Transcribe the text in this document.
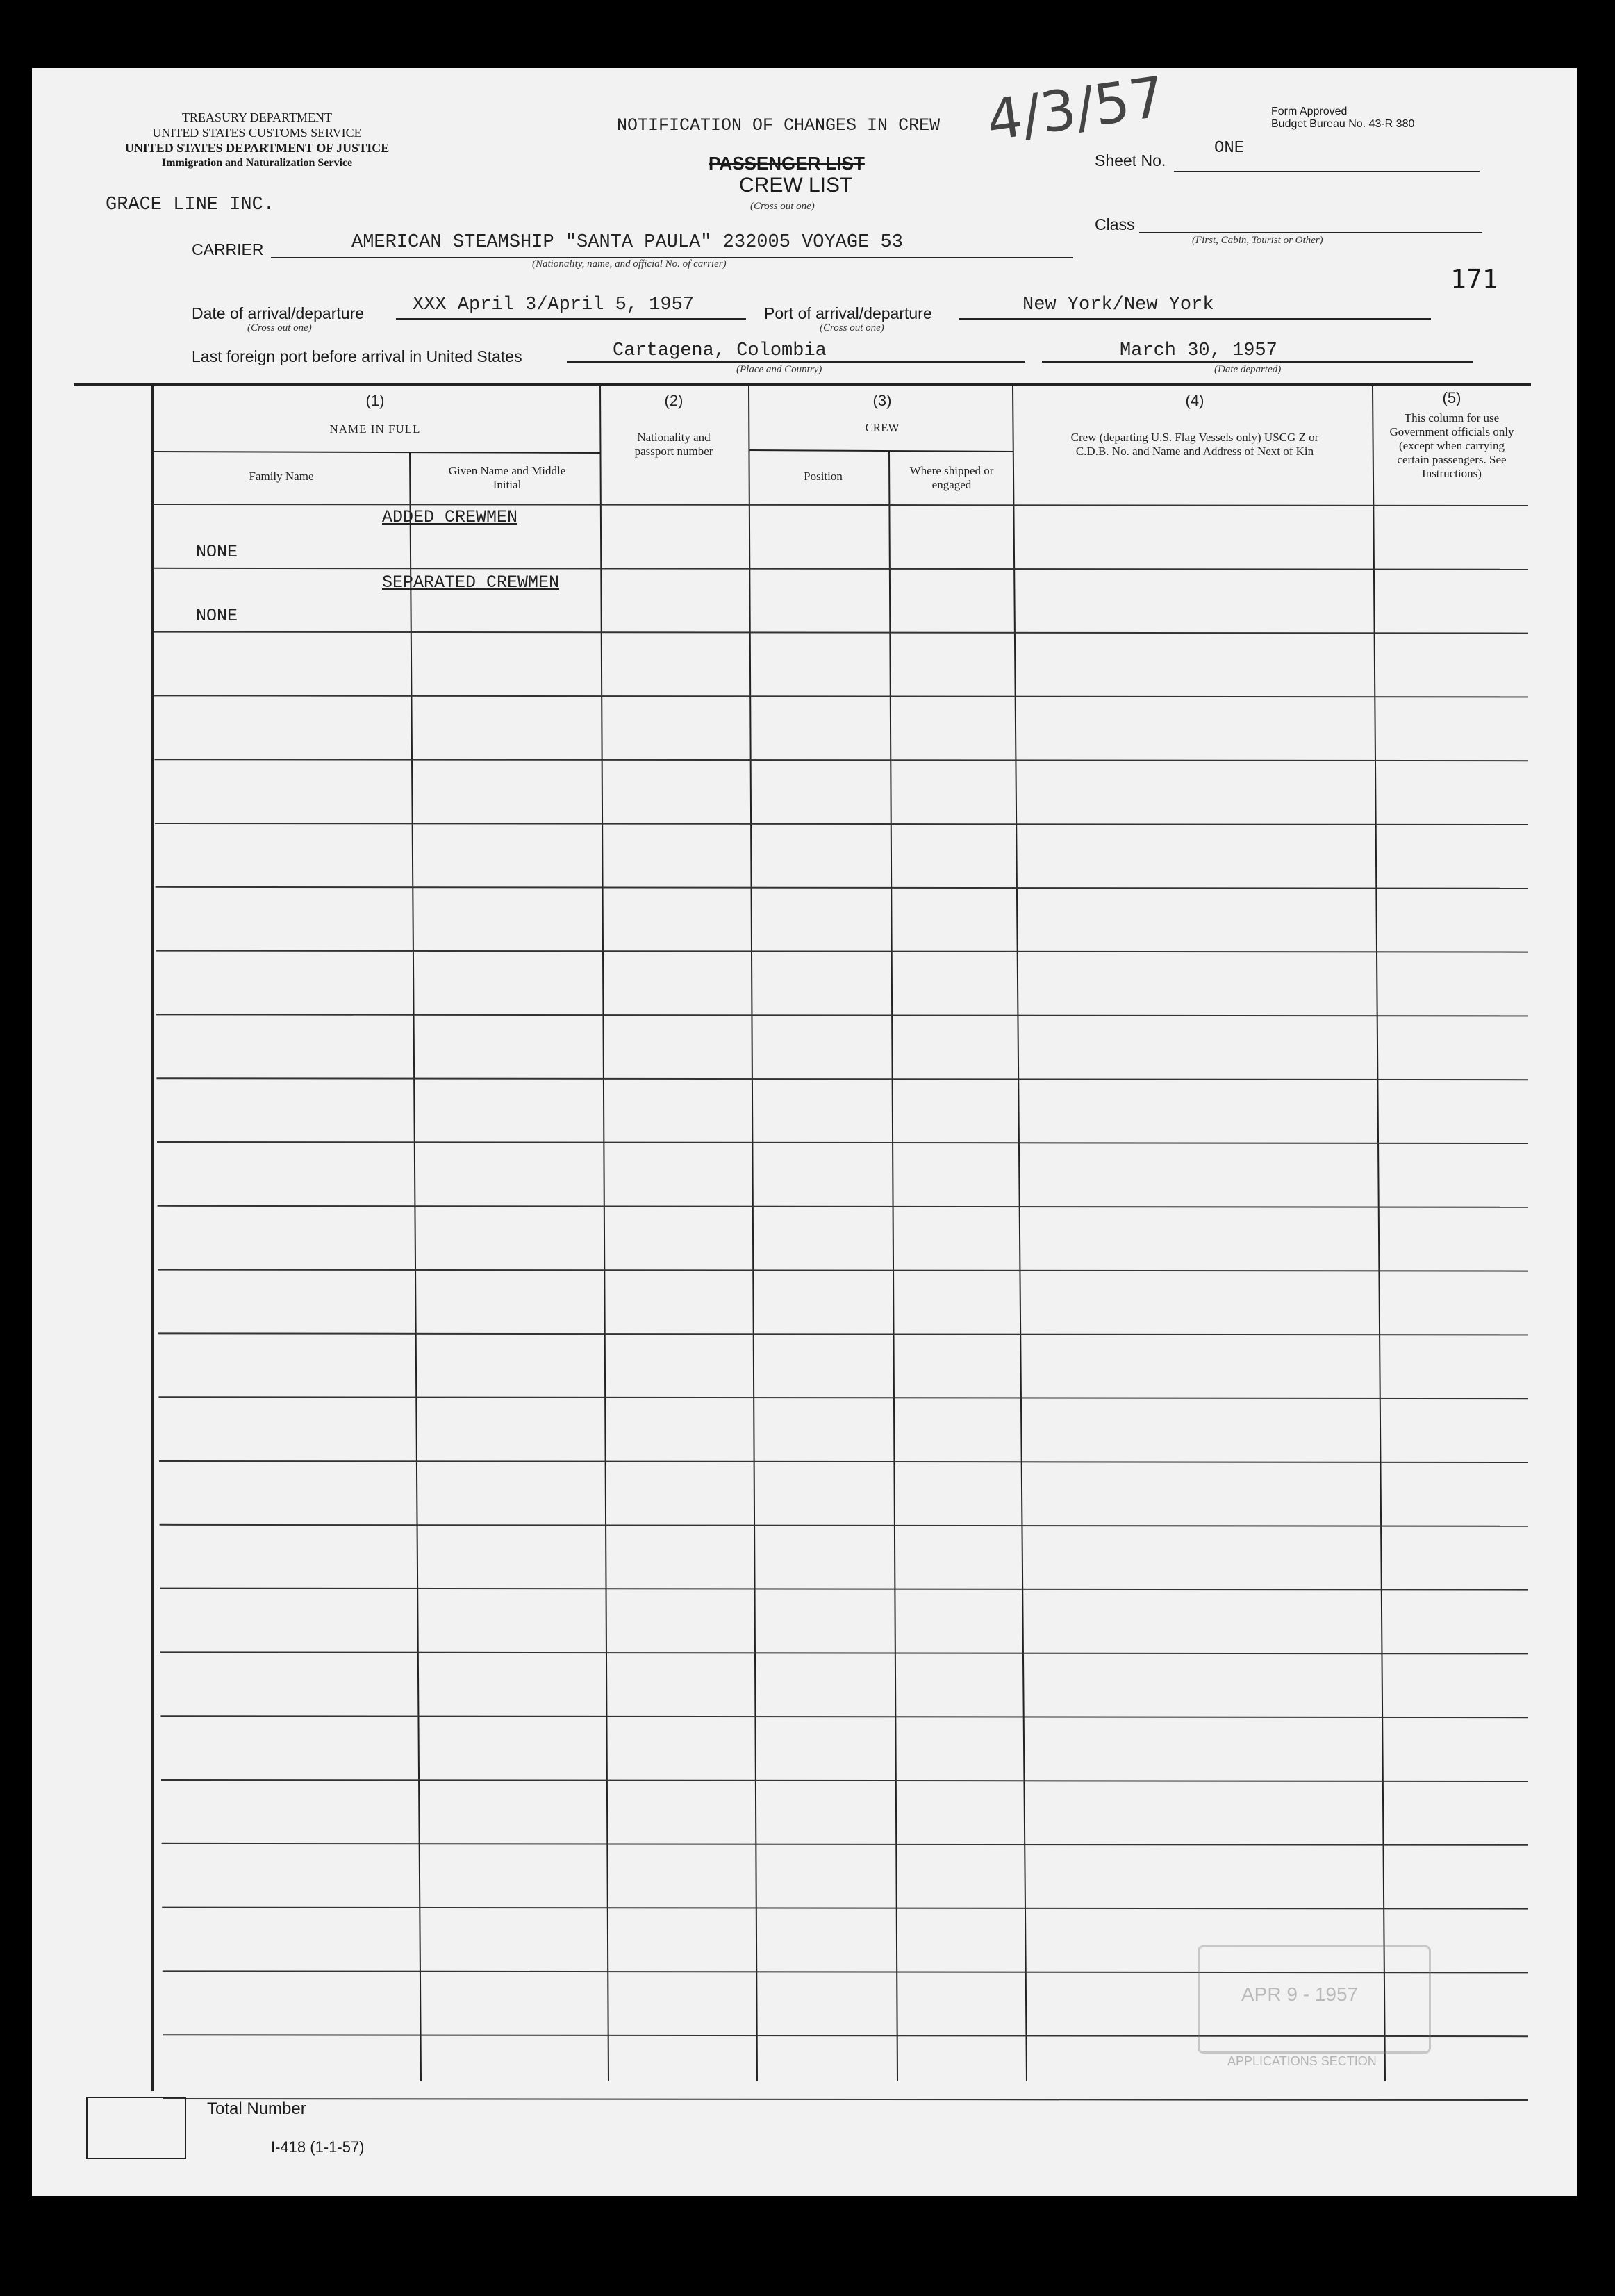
TREASURY DEPARTMENT
UNITED STATES CUSTOMS SERVICE
UNITED STATES DEPARTMENT OF JUSTICE
Immigration and Naturalization Service
NOTIFICATION OF CHANGES IN CREW
PASSENGER LIST
CREW LIST
(Cross out one)
4/3/57	Form Approved
Budget Bureau No. 43-R 380
Sheet No.
ONE
Class
(First, Cabin, Tourist or Other)
171
GRACE LINE INC.
CARRIER	AMERICAN STEAMSHIP "SANTA PAULA" 232005 VOYAGE 53
(Nationality, name, and official No. of carrier)
Date of arrival/departure	XXX April 3/April 5, 1957
(Cross out one)
Port of arrival/departure	New York/New York
(Cross out one)
Last foreign port before arrival in United States	Cartagena, Colombia
(Place and Country)
March 30, 1957
(Date departed)
(1)
NAME IN FULL
Family Name	Given Name and Middle Initial
(2)
Nationality and passport number
(3)
CREW
Position	Where shipped or engaged
(4)
Crew (departing U.S. Flag Vessels only) USCG Z or C.D.B. No. and Name and Address of Next of Kin
(5)
This column for use Government officials only (except when carrying certain passengers. See Instructions)
ADDED CREWMEN
NONE
SEPARATED CREWMEN
NONE
APR 9 - 1957
APPLICATIONS SECTION
Total Number
I-418 (1-1-57)
